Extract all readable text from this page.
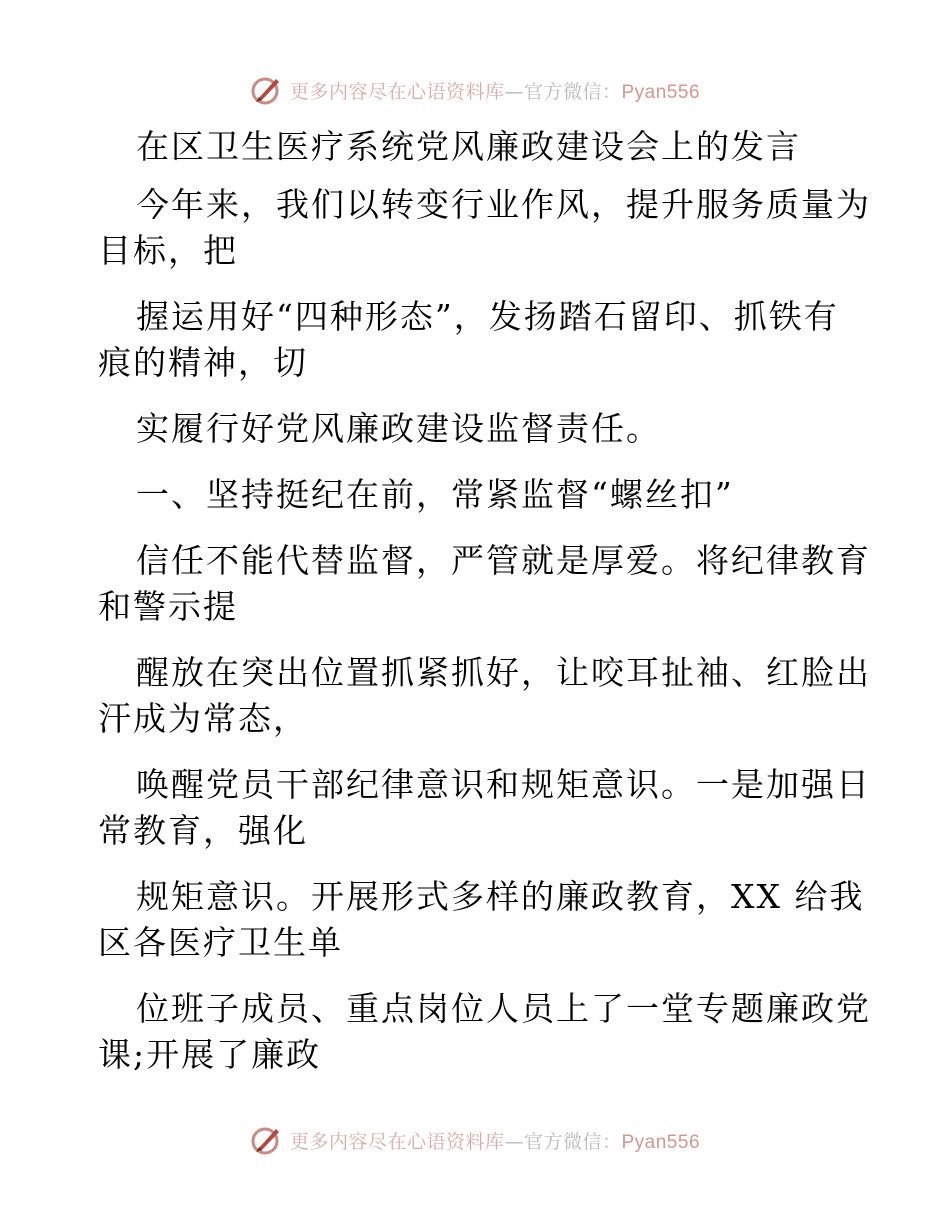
更多内容尽在心语资料库—官方微信：Pyan556
在区卫生医疗系统党风廉政建设会上的发言
今年来，我们以转变行业作风，提升服务质量为
目标，把
握运用好“四种形态”，发扬踏石留印、抓铁有
痕的精神，切
实履行好党风廉政建设监督责任。
一、坚持挺纪在前，常紧监督“螺丝扣”
信任不能代替监督，严管就是厚爱。将纪律教育
和警示提
醒放在突出位置抓紧抓好，让咬耳扯袖、红脸出
汗成为常态，
唤醒党员干部纪律意识和规矩意识。一是加强日
常教育，强化
规矩意识。开展形式多样的廉政教育，XX 给我
区各医疗卫生单
位班子成员、重点岗位人员上了一堂专题廉政党
课;开展了廉政
更多内容尽在心语资料库—官方微信：Pyan556
